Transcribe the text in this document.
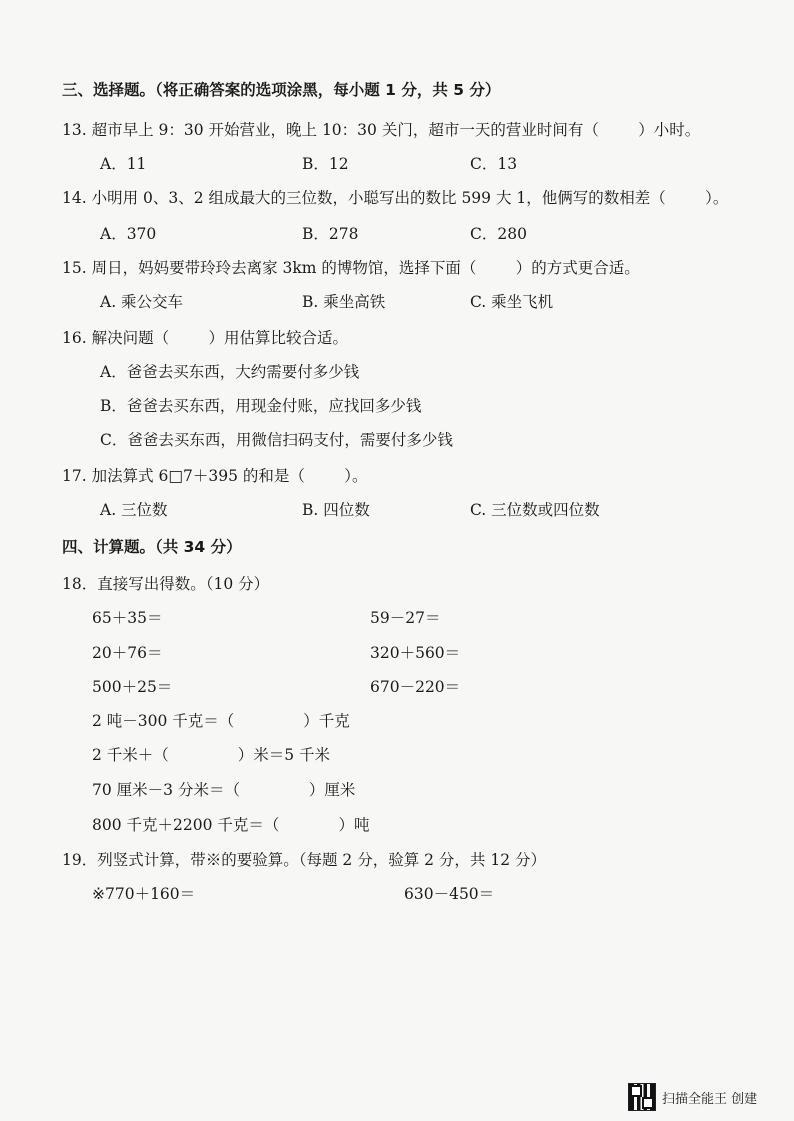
三、选择题。（将正确答案的选项涂黑，每小题 1 分，共 5 分）
13. 超市早上 9：30 开始营业，晚上 10：30 关门，超市一天的营业时间有（        ）小时。
A．11	B．12	C．13
14. 小明用 0、3、2 组成最大的三位数，小聪写出的数比 599 大 1，他俩写的数相差（        ）。
A．370	B．278	C．280
15. 周日，妈妈要带玲玲去离家 3km 的博物馆，选择下面（        ）的方式更合适。
A. 乘公交车	B. 乘坐高铁	C. 乘坐飞机
16. 解决问题（        ）用估算比较合适。
A．爸爸去买东西，大约需要付多少钱
B．爸爸去买东西，用现金付账，应找回多少钱
C．爸爸去买东西，用微信扫码支付，需要付多少钱
17. 加法算式 6□7＋395 的和是（        ）。
A. 三位数	B. 四位数	C. 三位数或四位数
四、计算题。（共 34 分）
18．直接写出得数。（10 分）
65＋35＝	59－27＝
20＋76＝	320＋560＝
500＋25＝	670－220＝
2 吨－300 千克＝（              ）千克
2 千米＋（              ）米＝5 千米
70 厘米－3 分米＝（              ）厘米
800 千克＋2200 千克＝（            ）吨
19．列竖式计算，带※的要验算。（每题 2 分，验算 2 分，共 12 分）
※770＋160＝	630－450＝
扫描全能王 创建
